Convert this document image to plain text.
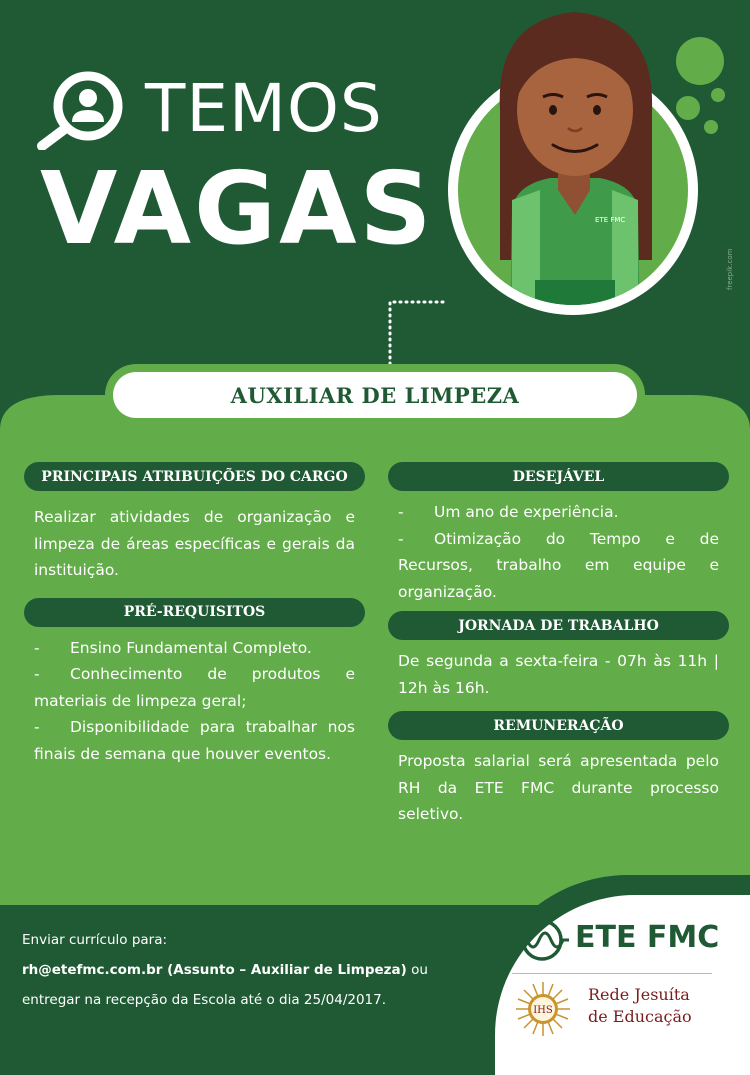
TEMOS
VAGAS	ETE FMC
freepik.com
AUXILIAR DE LIMPEZA
PRINCIPAIS ATRIBUIÇÕES DO CARGO
Realizar atividades de organização e limpeza de áreas específicas e gerais da instituição.
PRÉ-REQUISITOS
- Ensino Fundamental Completo.
- Conhecimento de produtos e materiais de limpeza geral;
- Disponibilidade para trabalhar nos finais de semana que houver eventos.
DESEJÁVEL
- Um ano de experiência.
- Otimização do Tempo e de Recursos, trabalho em equipe e organização.
JORNADA DE TRABALHO
De segunda a sexta-feira - 07h às 11h | 12h às 16h.
REMUNERAÇÃO
Proposta salarial será apresentada pelo RH da ETE FMC durante processo seletivo.
Enviar currículo para:
rh@etefmc.com.br (Assunto – Auxiliar de Limpeza) ou
entregar na recepção da Escola até o dia 25/04/2017.
ETE FMC
IHS
Rede Jesuíta
de Educação
